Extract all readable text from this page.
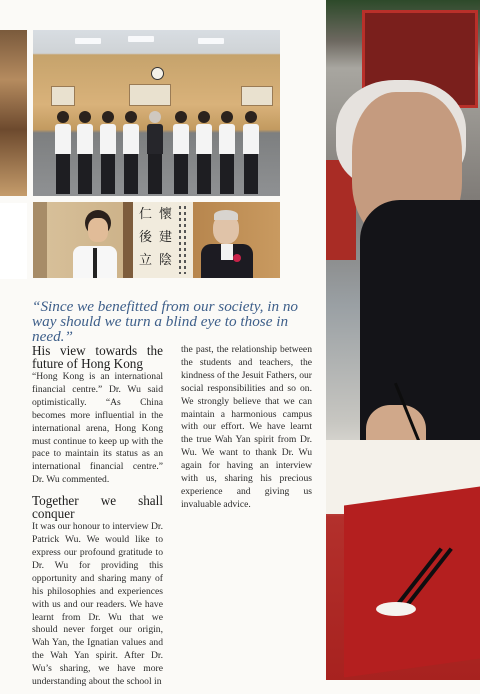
仁
後
立
懷
建
陰

“Since we benefitted from our society, in no way should we turn a blind eye to those in need.”

His view towards the future of Hong Kong

“Hong Kong is an international financial centre.” Dr. Wu said optimistically. “As China becomes more influential in the international arena, Hong Kong must continue to keep up with the pace to maintain its status as an international financial centre.” Dr. Wu commented.

Together we shall conquer

It was our honour to interview Dr. Patrick Wu. We would like to express our profound gratitude to Dr. Wu for providing this opportunity and sharing many of his philosophies and experiences with us and our readers. We have learnt from Dr. Wu that we should never forget our origin, Wah Yan, the Ignatian values and the Wah Yan spirit. After Dr. Wu’s sharing, we have more understanding about the school in

the past, the relationship between the students and teachers, the kindness of the Jesuit Fathers, our social responsibilities and so on. We strongly believe that we can maintain a harmonious campus with our effort. We have learnt the true Wah Yan spirit from Dr. Wu. We want to thank Dr. Wu again for having an interview with us, sharing his precious experience and giving us invaluable advice.
